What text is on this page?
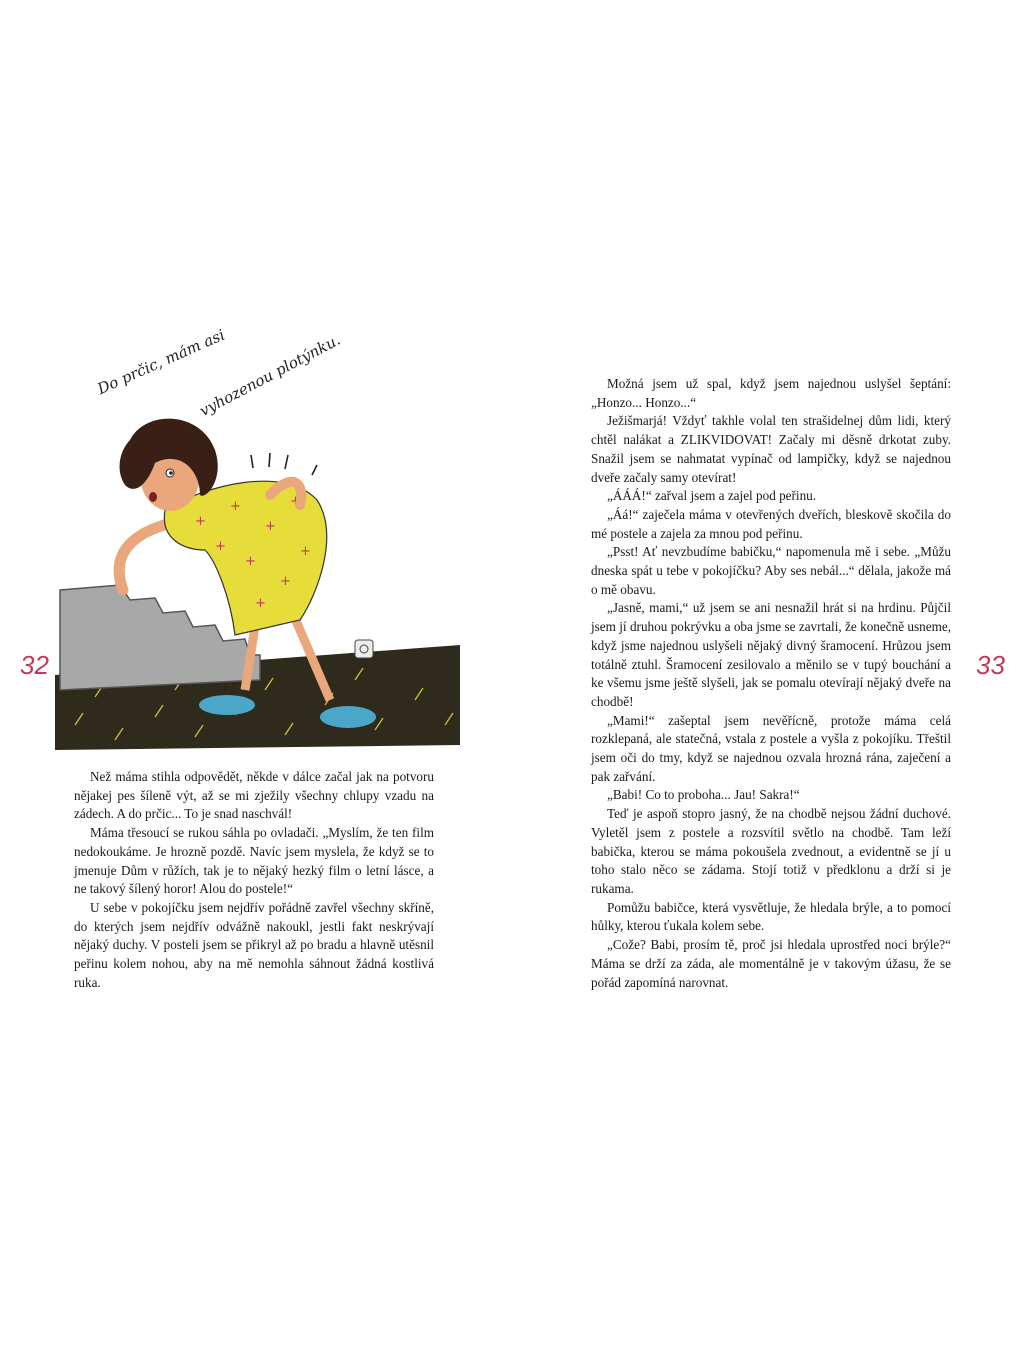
32	33
+
+
+
+
+
+
+	+
+
Do prčic, mám asi
vyhozenou plotýnku.

Než máma stihla odpovědět, někde v dálce začal jak na potvoru nějakej pes šíleně výt, až se mi zježily všechny chlupy vzadu na zádech. A do prčic... To je snad naschvál!

Máma třesoucí se rukou sáhla po ovladači. „Myslím, že ten film nedokoukáme. Je hrozně pozdě. Navíc jsem myslela, že když se to jmenuje Dům v růžích, tak je to nějaký hezký film o letní lásce, a ne takový šílený horor! Alou do postele!“

U sebe v pokojíčku jsem nejdřív pořádně zavřel všechny skříně, do kterých jsem nejdřív odvážně nakoukl, jestli fakt neskrývají nějaký duchy. V posteli jsem se přikryl až po bradu a hlavně utěsnil peřinu kolem nohou, aby na mě nemohla sáhnout žádná kostlivá ruka.

Možná jsem už spal, když jsem najednou uslyšel šeptání: „Honzo... Honzo...“

Ježišmarjá! Vždyť takhle volal ten strašidelnej dům lidi, který chtěl nalákat a ZLIKVIDOVAT! Začaly mi děsně drkotat zuby. Snažil jsem se nahmatat vypínač od lampičky, když se najednou dveře začaly samy otevírat!

„ÁÁÁ!“ zařval jsem a zajel pod peřinu.

„Áá!“ zaječela máma v otevřených dveřích, bleskově skočila do mé postele a zajela za mnou pod peřinu.

„Psst! Ať nevzbudíme babičku,“ napomenula mě i sebe. „Můžu dneska spát u tebe v pokojíčku? Aby ses nebál...“ dělala, jakože má o mě obavu.

„Jasně, mami,“ už jsem se ani nesnažil hrát si na hrdinu. Půjčil jsem jí druhou pokrývku a oba jsme se zavrtali, že konečně usneme, když jsme najednou uslyšeli nějaký divný šramocení. Hrůzou jsem totálně ztuhl. Šramocení zesilovalo a měnilo se v tupý bouchání a ke všemu jsme ještě slyšeli, jak se pomalu otevírají nějaký dveře na chodbě!

„Mami!“ zašeptal jsem nevěřícně, protože máma celá rozklepaná, ale statečná, vstala z postele a vyšla z pokojíku. Třeštil jsem oči do tmy, když se najednou ozvala hrozná rána, zaječení a pak zařvání.

„Babi! Co to proboha... Jau! Sakra!“

Teď je aspoň stopro jasný, že na chodbě nejsou žádní duchové. Vyletěl jsem z postele a rozsvítil světlo na chodbě. Tam leží babička, kterou se máma pokoušela zvednout, a evidentně se jí u toho stalo něco se zádama. Stojí totiž v předklonu a drží si je rukama.

Pomůžu babičce, která vysvětluje, že hledala brýle, a to pomocí hůlky, kterou ťukala kolem sebe.

„Cože? Babi, prosím tě, proč jsi hledala uprostřed noci brýle?“ Máma se drží za záda, ale momentálně je v takovým úžasu, že se pořád zapomíná narovnat.
